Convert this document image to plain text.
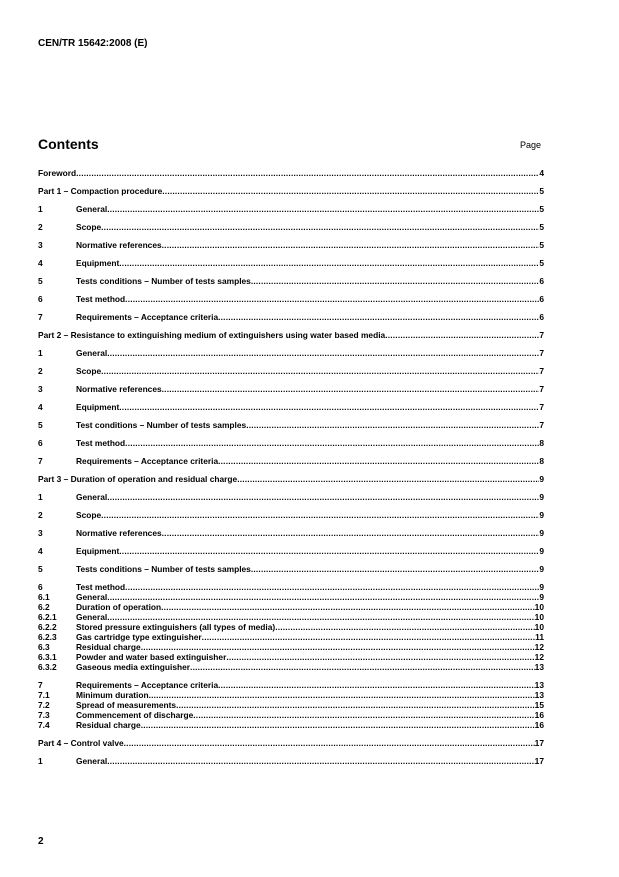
CEN/TR 15642:2008 (E)
Contents	Page
Foreword .....	4
Part 1 – Compaction procedure .....	5
1	General .....	5
2	Scope .....	5
3	Normative references .....	5
4	Equipment .....	5
5	Tests conditions – Number of tests samples .....	6
6	Test method .....	6
7	Requirements – Acceptance criteria .....	6
Part 2 – Resistance to extinguishing medium of extinguishers using water based media .....	7
1	General .....	7
2	Scope .....	7
3	Normative references .....	7
4	Equipment .....	7
5	Test conditions – Number of tests samples .....	7
6	Test method .....	8
7	Requirements – Acceptance criteria .....	8
Part 3 – Duration of operation and residual charge .....	9
1	General .....	9
2	Scope .....	9
3	Normative references .....	9
4	Equipment .....	9
5	Tests conditions – Number of tests samples .....	9
6	Test method .....	9
6.1	General .....	9
6.2	Duration of operation .....	10
6.2.1	General .....	10
6.2.2	Stored pressure extinguishers (all types of media) .....	10
6.2.3	Gas cartridge type extinguisher .....	11
6.3	Residual charge .....	12
6.3.1	Powder and water based extinguisher .....	12
6.3.2	Gaseous media extinguisher .....	13
7	Requirements – Acceptance criteria .....	13
7.1	Minimum duration .....	13
7.2	Spread of measurements .....	15
7.3	Commencement of discharge .....	16
7.4	Residual charge .....	16
Part 4 – Control valve .....	17
1	General .....	17
2
